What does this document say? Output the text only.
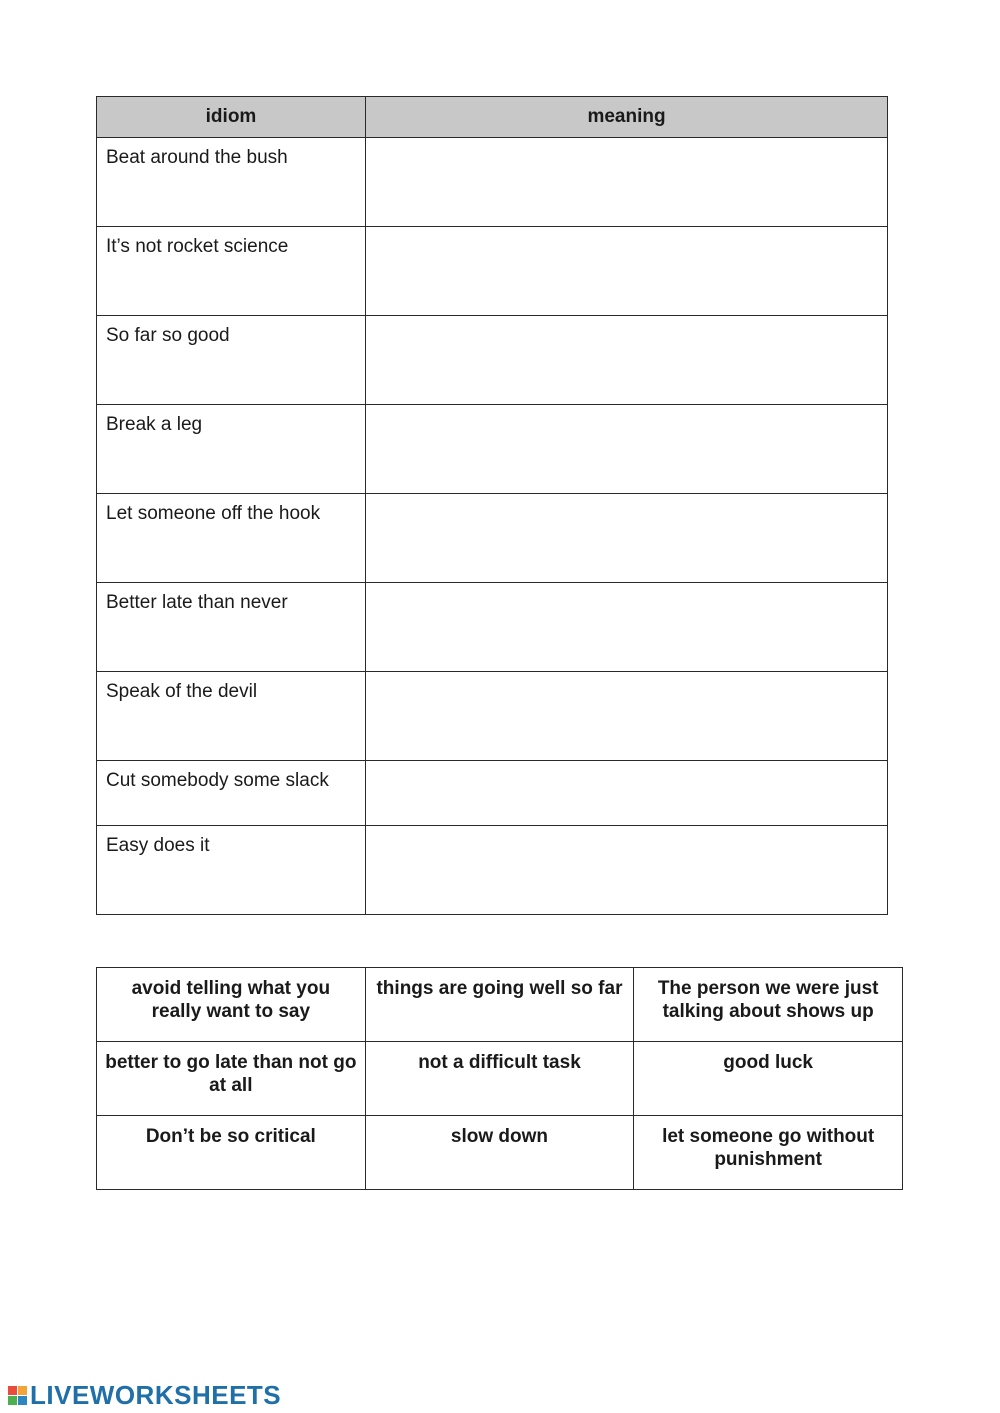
idiom	meaning
Beat around the bush	
It’s not rocket science	
So far so good	
Break a leg	
Let someone off the hook	
Better late than never	
Speak of the devil	
Cut somebody some slack	
Easy does it	
avoid telling what you really want to say	things are going well so far	The person we were just talking about shows up
better to go late than not go at all	not a difficult task	good luck
Don’t be so critical	slow down	let someone go without punishment
LIVEWORKSHEETS
